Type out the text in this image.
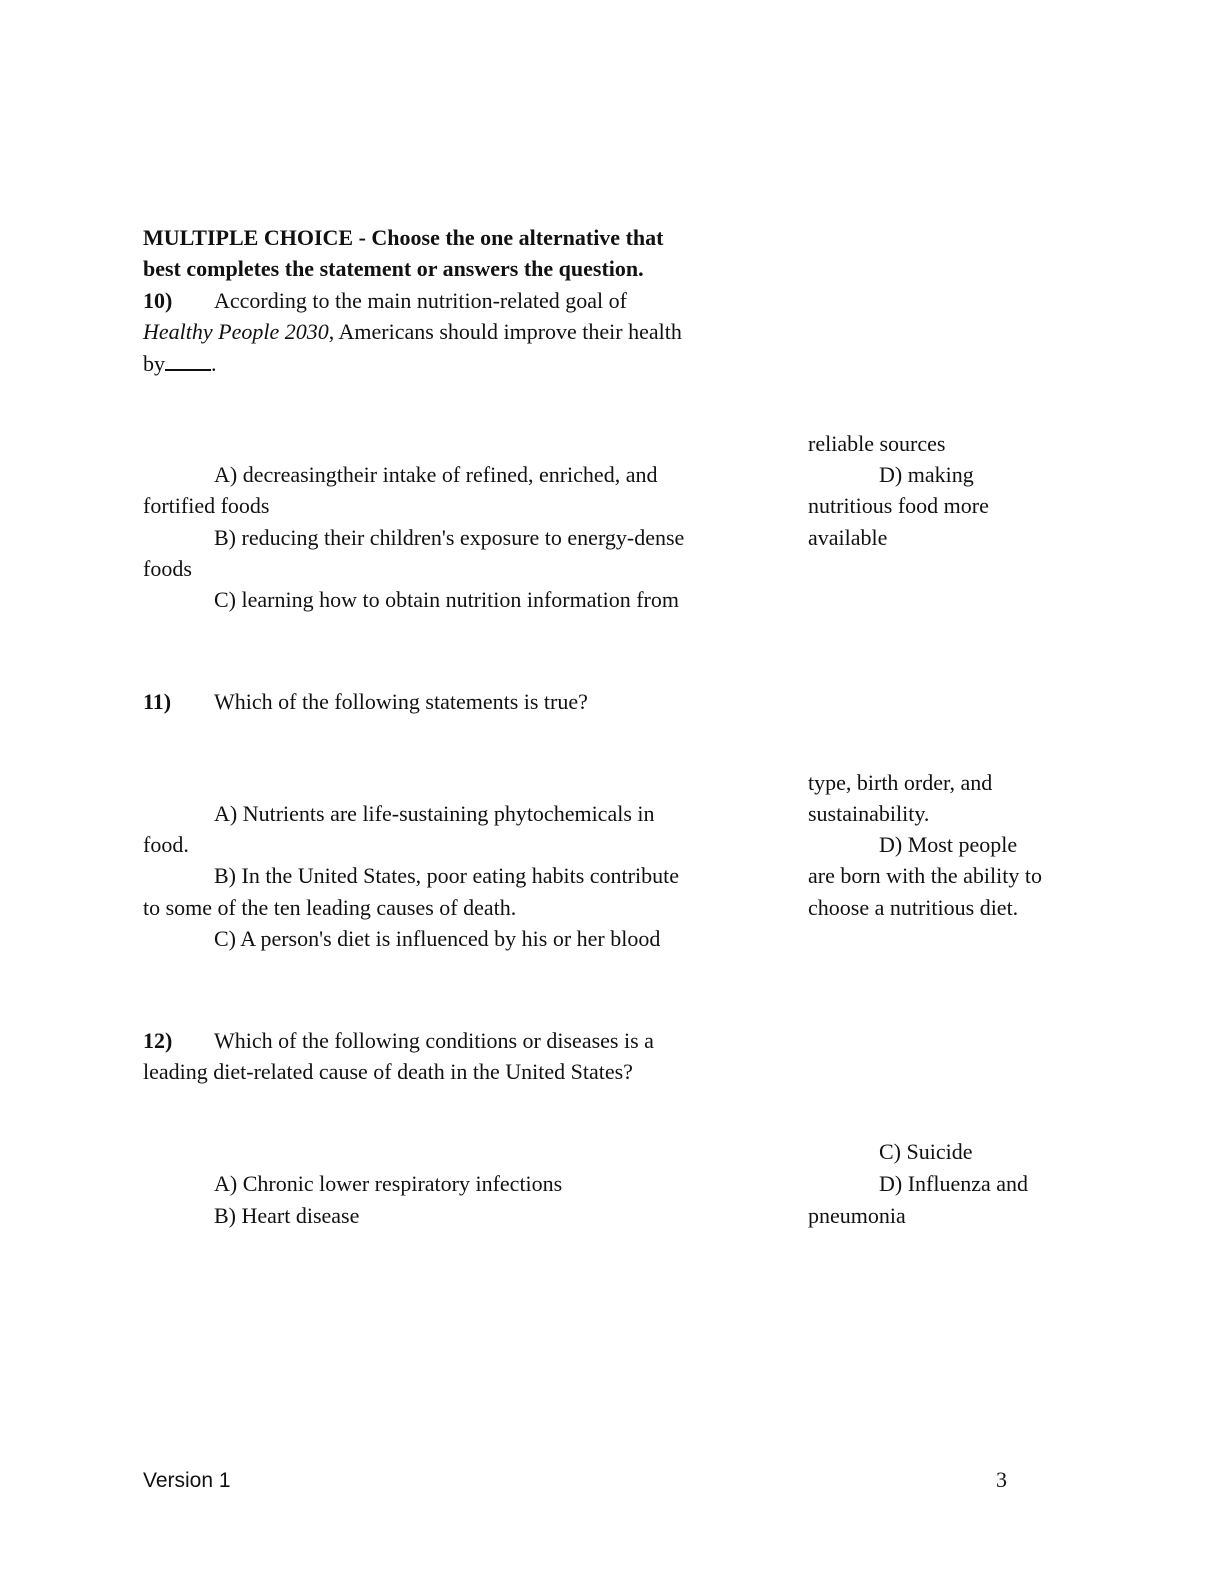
MULTIPLE CHOICE - Choose the one alternative that
best completes the statement or answers the question.
10) According to the main nutrition-related goal of
Healthy People 2030, Americans should improve their health
by .
reliable sources
A) decreasingtheir intake of refined, enriched, and	D) making
fortified foods	nutritious food more
B) reducing their children's exposure to energy-dense	available
foods
C) learning how to obtain nutrition information from
11) Which of the following statements is true?
type, birth order, and
A) Nutrients are life-sustaining phytochemicals in	sustainability.
food.	D) Most people
B) In the United States, poor eating habits contribute	are born with the ability to
to some of the ten leading causes of death.	choose a nutritious diet.
C) A person's diet is influenced by his or her blood
12) Which of the following conditions or diseases is a
leading diet-related cause of death in the United States?
C) Suicide
A) Chronic lower respiratory infections	D) Influenza and
B) Heart disease	pneumonia
Version 1	3
